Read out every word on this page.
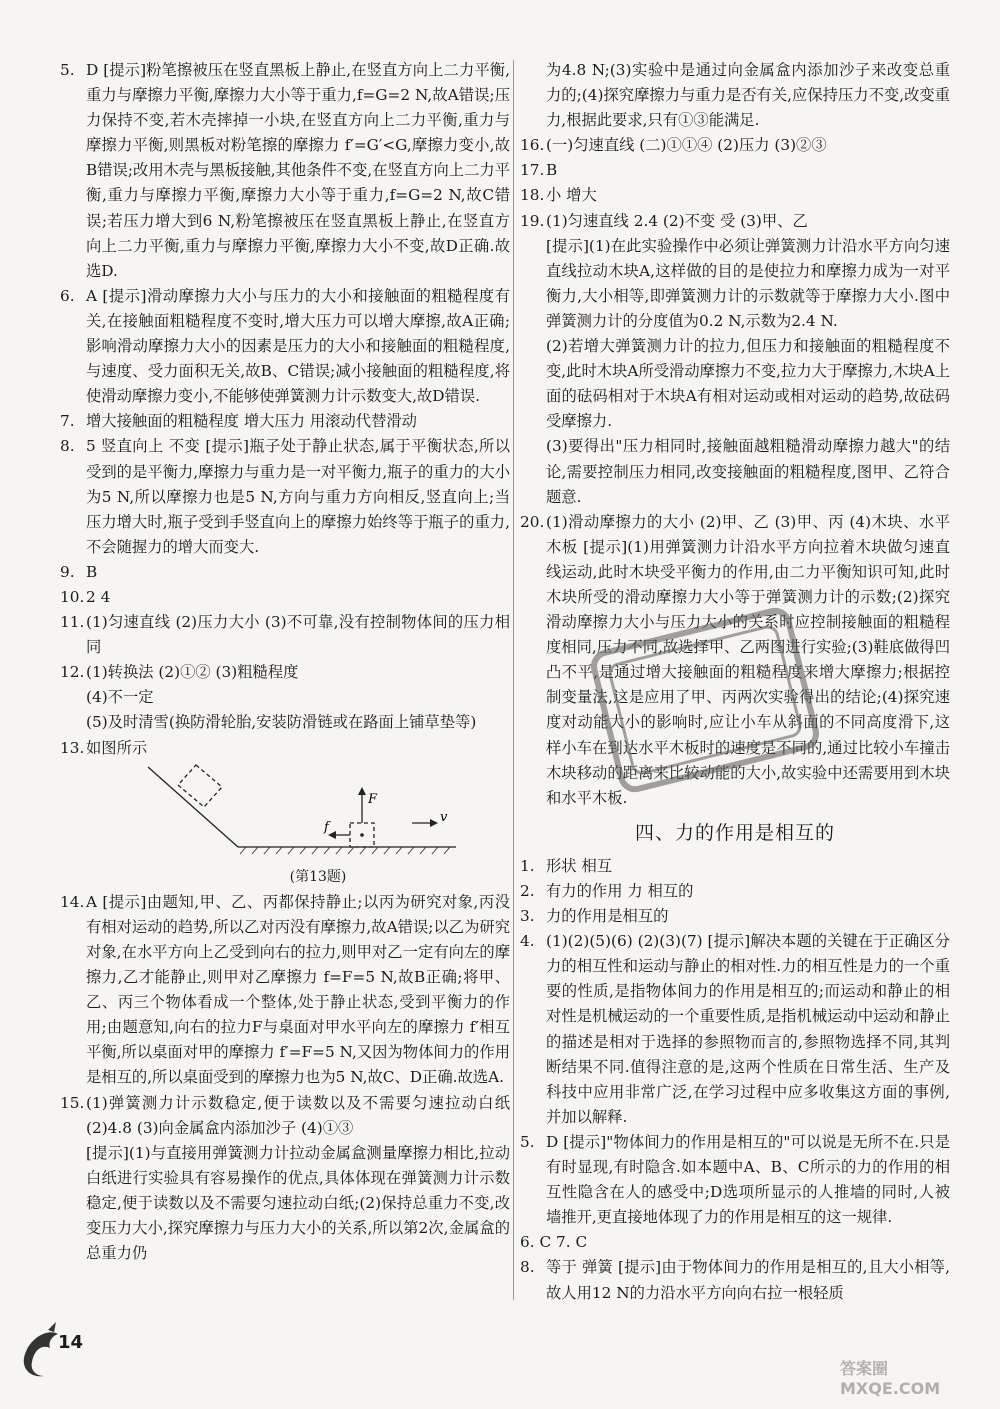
5. D [提示]粉笔擦被压在竖直黑板上静止,在竖直方向上二力平衡,重力与摩擦力平衡,摩擦力大小等于重力,f=G=2 N,故A错误;压力保持不变,若木壳摔掉一小块,在竖直方向上二力平衡,重力与摩擦力平衡,则黑板对粉笔擦的摩擦力 f′=G′<G,摩擦力变小,故B错误;改用木壳与黑板接触,其他条件不变,在竖直方向上二力平衡,重力与摩擦力平衡,摩擦力大小等于重力,f=G=2 N,故C错误;若压力增大到6 N,粉笔擦被压在竖直黑板上静止,在竖直方向上二力平衡,重力与摩擦力平衡,摩擦力大小不变,故D正确.故选D.
6. A [提示]滑动摩擦力大小与压力的大小和接触面的粗糙程度有关,在接触面粗糙程度不变时,增大压力可以增大摩擦,故A正确;影响滑动摩擦力大小的因素是压力的大小和接触面的粗糙程度,与速度、受力面积无关,故B、C错误;减小接触面的粗糙程度,将使滑动摩擦力变小,不能够使弹簧测力计示数变大,故D错误.
7. 增大接触面的粗糙程度 增大压力 用滚动代替滑动
8. 5 竖直向上 不变 [提示]瓶子处于静止状态,属于平衡状态,所以受到的是平衡力,摩擦力与重力是一对平衡力,瓶子的重力的大小为5 N,所以摩擦力也是5 N,方向与重力方向相反,竖直向上;当压力增大时,瓶子受到手竖直向上的摩擦力始终等于瓶子的重力,不会随握力的增大而变大.
9. B
10. 2 4
11. (1)匀速直线 (2)压力大小 (3)不可靠,没有控制物体间的压力相同
12. (1)转换法 (2)①② (3)粗糙程度
(4)不一定
(5)及时清雪(换防滑轮胎,安装防滑链或在路面上铺草垫等)
13. 如图所示
F
f
v
(第13题)
14. A [提示]由题知,甲、乙、丙都保持静止;以丙为研究对象,丙没有相对运动的趋势,所以乙对丙没有摩擦力,故A错误;以乙为研究对象,在水平方向上乙受到向右的拉力,则甲对乙一定有向左的摩擦力,乙才能静止,则甲对乙摩擦力 f=F=5 N,故B正确;将甲、乙、丙三个物体看成一个整体,处于静止状态,受到平衡力的作用;由题意知,向右的拉力F与桌面对甲水平向左的摩擦力 f′相互平衡,所以桌面对甲的摩擦力 f′=F=5 N,又因为物体间力的作用是相互的,所以桌面受到的摩擦力也为5 N,故C、D正确.故选A.
15. (1)弹簧测力计示数稳定,便于读数以及不需要匀速拉动白纸 (2)4.8 (3)向金属盒内添加沙子 (4)①③
[提示](1)与直接用弹簧测力计拉动金属盒测量摩擦力相比,拉动白纸进行实验具有容易操作的优点,具体体现在弹簧测力计示数稳定,便于读数以及不需要匀速拉动白纸;(2)保持总重力不变,改变压力大小,探究摩擦力与压力大小的关系,所以第2次,金属盒的总重力仍
为4.8 N;(3)实验中是通过向金属盒内添加沙子来改变总重力的;(4)探究摩擦力与重力是否有关,应保持压力不变,改变重力,根据此要求,只有①③能满足.
16. (一)匀速直线 (二)①①④ (2)压力 (3)②③
17. B
18. 小 增大
19. (1)匀速直线 2.4 (2)不变 受 (3)甲、乙
[提示](1)在此实验操作中必须让弹簧测力计沿水平方向匀速直线拉动木块A,这样做的目的是使拉力和摩擦力成为一对平衡力,大小相等,即弹簧测力计的示数就等于摩擦力大小.图中弹簧测力计的分度值为0.2 N,示数为2.4 N.
(2)若增大弹簧测力计的拉力,但压力和接触面的粗糙程度不变,此时木块A所受滑动摩擦力不变,拉力大于摩擦力,木块A上面的砝码相对于木块A有相对运动或相对运动的趋势,故砝码受摩擦力.
(3)要得出"压力相同时,接触面越粗糙滑动摩擦力越大"的结论,需要控制压力相同,改变接触面的粗糙程度,图甲、乙符合题意.
20. (1)滑动摩擦力的大小 (2)甲、乙 (3)甲、丙 (4)木块、水平木板 [提示](1)用弹簧测力计沿水平方向拉着木块做匀速直线运动,此时木块受平衡力的作用,由二力平衡知识可知,此时木块所受的滑动摩擦力大小等于弹簧测力计的示数;(2)探究滑动摩擦力大小与压力大小的关系时应控制接触面的粗糙程度相同,压力不同,故选择甲、乙两图进行实验;(3)鞋底做得凹凸不平,是通过增大接触面的粗糙程度来增大摩擦力;根据控制变量法,这是应用了甲、丙两次实验得出的结论;(4)探究速度对动能大小的影响时,应让小车从斜面的不同高度滑下,这样小车在到达水平木板时的速度是不同的,通过比较小车撞击木块移动的距离来比较动能的大小,故实验中还需要用到木块和水平木板.
四、力的作用是相互的
1. 形状 相互
2. 有力的作用 力 相互的
3. 力的作用是相互的
4. (1)(2)(5)(6) (2)(3)(7) [提示]解决本题的关键在于正确区分力的相互性和运动与静止的相对性.力的相互性是力的一个重要的性质,是指物体间力的作用是相互的;而运动和静止的相对性是机械运动的一个重要性质,是指机械运动中运动和静止的描述是相对于选择的参照物而言的,参照物选择不同,其判断结果不同.值得注意的是,这两个性质在日常生活、生产及科技中应用非常广泛,在学习过程中应多收集这方面的事例,并加以解释.
5. D [提示]"物体间力的作用是相互的"可以说是无所不在.只是有时显现,有时隐含.如本题中A、B、C所示的力的作用的相互性隐含在人的感受中;D选项所显示的人推墙的同时,人被墙推开,更直接地体现了力的作用是相互的这一规律.
6. C 7. C
8. 等于 弹簧 [提示]由于物体间力的作用是相互的,且大小相等,故人用12 N的力沿水平方向向右拉一根轻质
14
答案圈
MXQE.COM
